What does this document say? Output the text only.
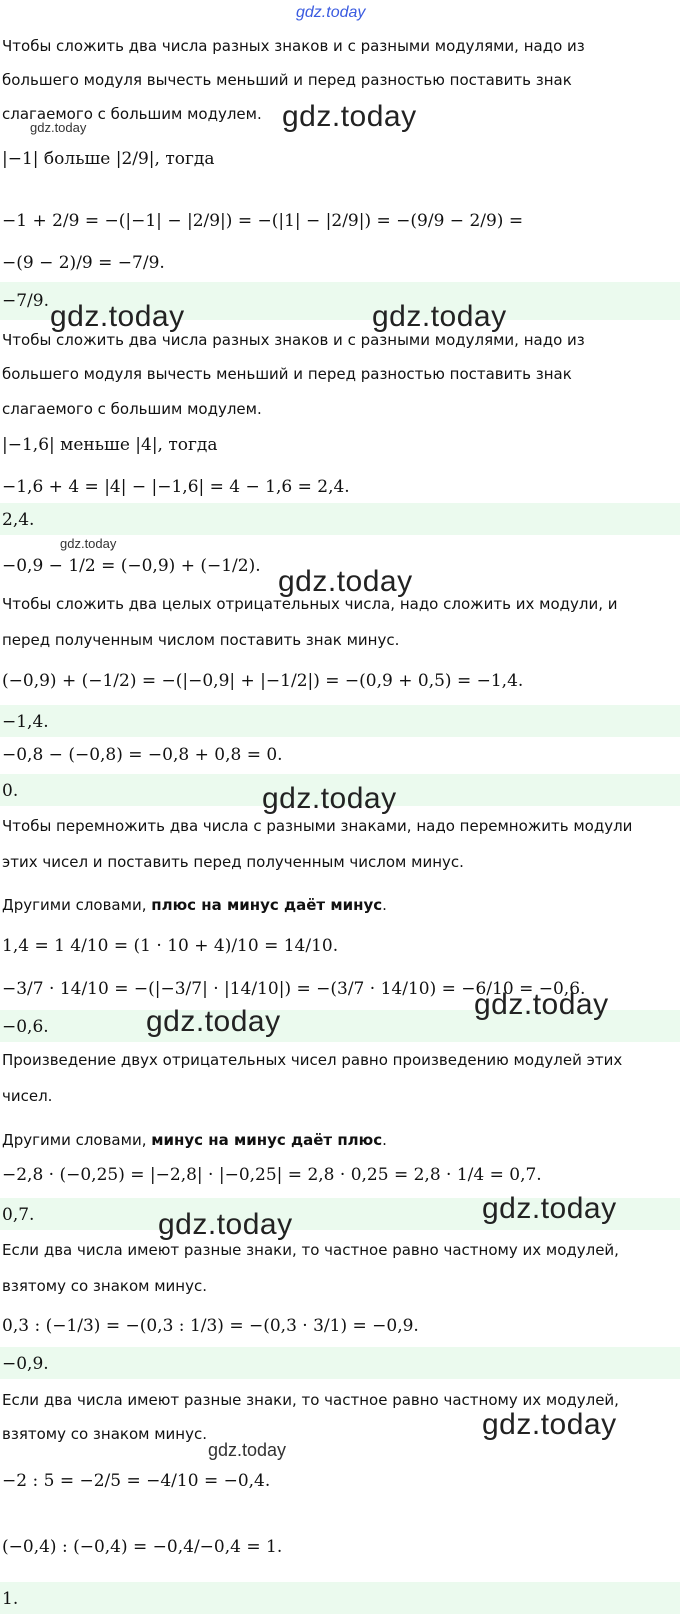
gdz.today
Чтобы сложить два числа разных знаков и с разными модулями, надо из
большего модуля вычесть меньший и перед разностью поставить знак
слагаемого с большим модулем. gdz.today
gdz.today
|−1| больше |2/9|, тогда
−1 + 2/9 = −(|−1| − |2/9|) = −(|1| − |2/9|) = −(9/9 − 2/9) =
−(9 − 2)/9 = −7/9.
−7/9. gdz.today	gdz.today
Чтобы сложить два числа разных знаков и с разными модулями, надо из
большего модуля вычесть меньший и перед разностью поставить знак
слагаемого с большим модулем.
|−1,6| меньше |4|, тогда
−1,6 + 4 = |4| − |−1,6| = 4 − 1,6 = 2,4.
2,4.
gdz.today
−0,9 − 1/2 = (−0,9) + (−1/2). gdz.today
Чтобы сложить два целых отрицательных числа, надо сложить их модули, и
перед полученным числом поставить знак минус.
(−0,9) + (−1/2) = −(|−0,9| + |−1/2|) = −(0,9 + 0,5) = −1,4.
−1,4.
−0,8 − (−0,8) = −0,8 + 0,8 = 0.
0.	gdz.today
Чтобы перемножить два числа с разными знаками, надо перемножить модули
этих чисел и поставить перед полученным числом минус.
Другими словами, плюс на минус даёт минус.
1,4 = 1 4/10 = (1 · 10 + 4)/10 = 14/10.
−3/7 · 14/10 = −(|−3/7| · |14/10|) = −(3/7 · 14/10) = −6/10 = −0,6.
gdz.today
−0,6.	gdz.today
Произведение двух отрицательных чисел равно произведению модулей этих
чисел.
Другими словами, минус на минус даёт плюс.
−2,8 · (−0,25) = |−2,8| · |−0,25| = 2,8 · 0,25 = 2,8 · 1/4 = 0,7.
0,7.	gdz.today
gdz.today
Если два числа имеют разные знаки, то частное равно частному их модулей,
взятому со знаком минус.
0,3 : (−1/3) = −(0,3 : 1/3) = −(0,3 · 3/1) = −0,9.
−0,9.
Если два числа имеют разные знаки, то частное равно частному их модулей,
взятому со знаком минус.	gdz.today
gdz.today
−2 : 5 = −2/5 = −4/10 = −0,4.
(−0,4) : (−0,4) = −0,4/−0,4 = 1.
1.
